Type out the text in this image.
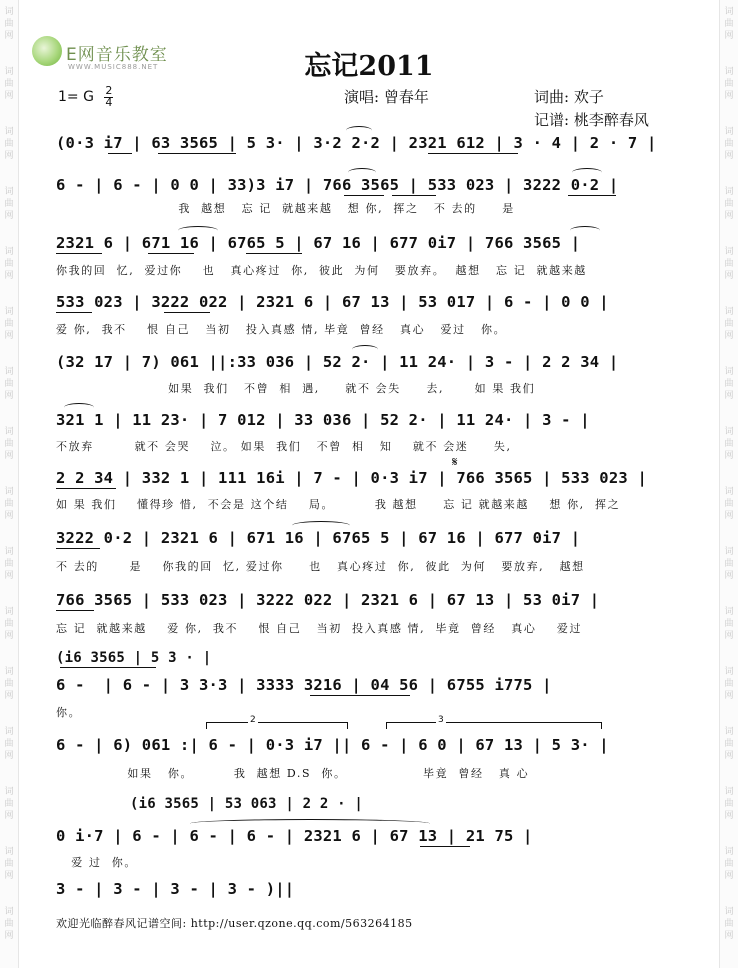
词
曲
网
词
曲
网
词
曲
网
词
曲
网
词
曲
网
词
曲
网
词
曲
网
词
曲
网
词
曲
网
词
曲
网
词
曲
网
词
曲
网
词
曲
网
词
曲
网
词
曲
网
词
曲
网
词
曲
网
词
曲
网
词
曲
网
词
曲
网
词
曲
网
词
曲
网
词
曲
网
词
曲
网
词
曲
网
词
曲
网
词
曲
网
词
曲
网
词
曲
网
词
曲
网
词
曲
网
词
曲
网
E网音乐教室
WWW.MUSIC888.NET	忘记2011
1= G $\frac{2}{4}$	演唱: 曾春年	词曲: 欢子
记谱: 桃李醉春风
(0·3 i7 | 63 3565 | 5 3· | 3·2 2·2 | 2321 612 | 3 · 4 | 2 · 7 |
6 - | 6 - | 0 0 | 33)3 i7 | 766 3565 | 533 023 | 3222 0·2 |
我  越想   忘 记  就越来越   想 你,  挥之   不 去的     是
2321 6 | 671 16 | 6765 5 | 67 16 | 677 0i7 | 766 3565 |
你我的回  忆,  爱过你    也   真心疼过  你,  彼此  为何   要放弃。  越想   忘 记  就越来越
533 023 | 3222 022 | 2321 6 | 67 13 | 53 017 | 6 - | 0 0 |
爱 你,  我不    恨 自己   当初   投入真感 情, 毕竟  曾经   真心   爱过   你。
(32 17 | 7) 061 ||:33 036 | 52 2· | 11 24· | 3 - | 2 2 34 |
如果  我们   不曾  相  遇,     就不 会失     去,      如 果 我们
321 1 | 11 23· | 7 012 | 33 036 | 52 2· | 11 24· | 3 - |
不放弃        就不 会哭    泣。 如果  我们   不曾  相   知    就不 会迷     失,
2 2 34 | 332 1 | 111 16i | 7 - | 0·3 i7 | 766 3565 | 533 023 |
如 果 我们    懂得珍 惜,  不会是 这个结    局。        我 越想     忘 记 就越来越    想 你,  挥之
3222 0·2 | 2321 6 | 671 16 | 6765 5 | 67 16 | 677 0i7 |
不 去的      是    你我的回  忆, 爱过你     也   真心疼过  你,  彼此  为何   要放弃,   越想
766 3565 | 533 023 | 3222 022 | 2321 6 | 67 13 | 53 0i7 |
忘 记  就越来越    爱 你,  我不    恨 自己   当初  投入真感 情,  毕竟  曾经   真心    爱过
(i6 3565 | 5 3 · |
6 -  | 6 - | 3 3·3 | 3333 3216 | 04 56 | 6755 i775 |
你。
6 - | 6) 061 :| 6 - | 0·3 i7 || 6 - | 6 0 | 67 13 | 5 3· |
如果   你。        我  越想 D.S  你。               毕竟  曾经   真 心
(i6 3565 | 53 063 | 2 2 · |
0 i·7 | 6 - | 6 - | 6 - | 2321 6 | 67 13 | 21 75 |
爱 过  你。
3 - | 3 - | 3 - | 3 - )||
2	3
𝄋
欢迎光临醉春风记谱空间: http://user.qzone.qq.com/563264185
